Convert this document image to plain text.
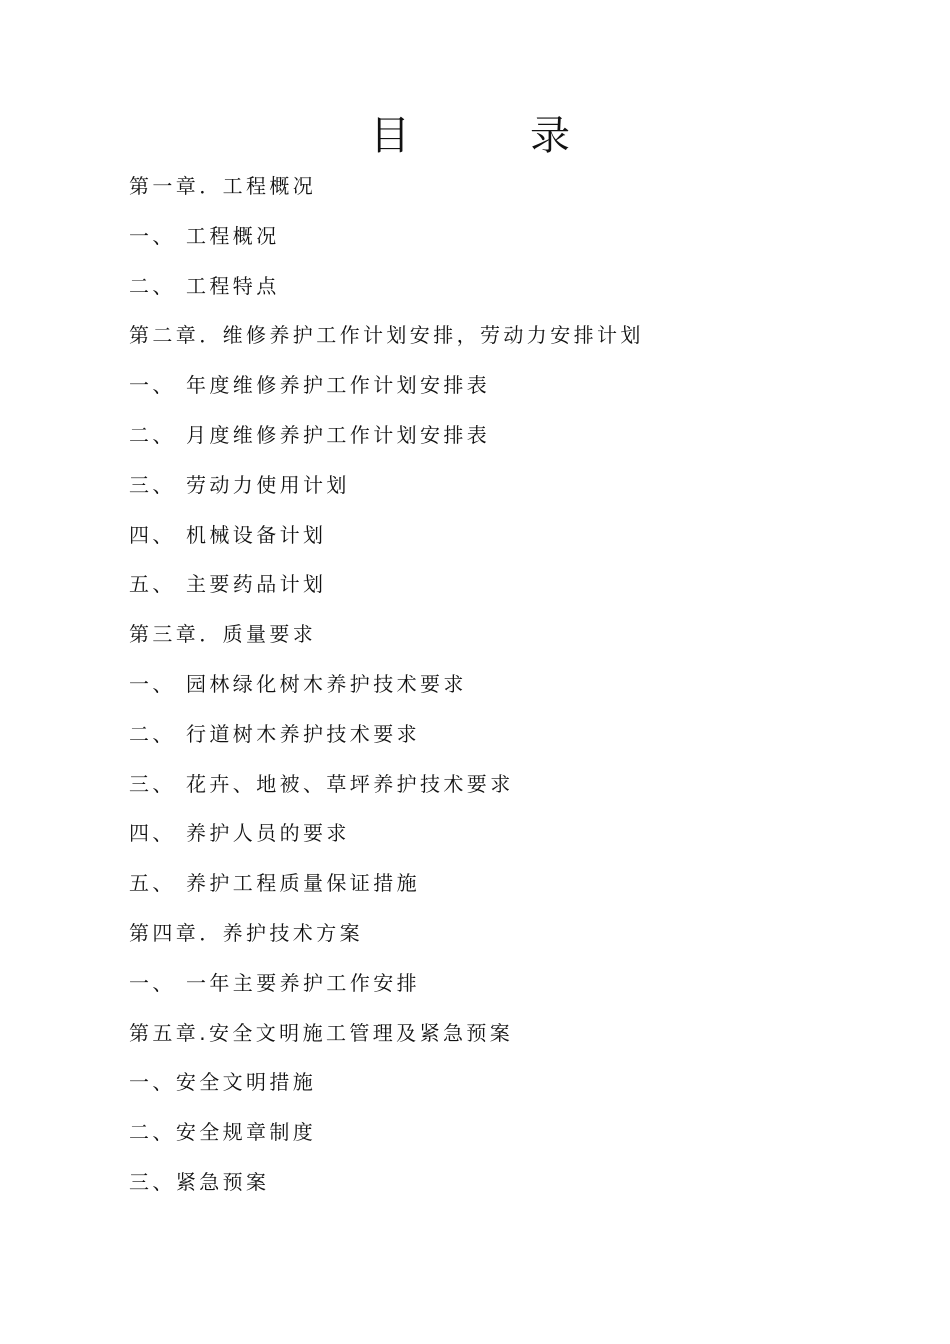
目　录
第一章．工程概况
一、 工程概况
二、 工程特点
第二章．维修养护工作计划安排，劳动力安排计划
一、 年度维修养护工作计划安排表
二、 月度维修养护工作计划安排表
三、 劳动力使用计划
四、 机械设备计划
五、 主要药品计划
第三章．质量要求
一、 园林绿化树木养护技术要求
二、 行道树木养护技术要求
三、 花卉、地被、草坪养护技术要求
四、 养护人员的要求
五、 养护工程质量保证措施
第四章．养护技术方案
一、 一年主要养护工作安排
第五章.安全文明施工管理及紧急预案
一、安全文明措施
二、安全规章制度
三、紧急预案
